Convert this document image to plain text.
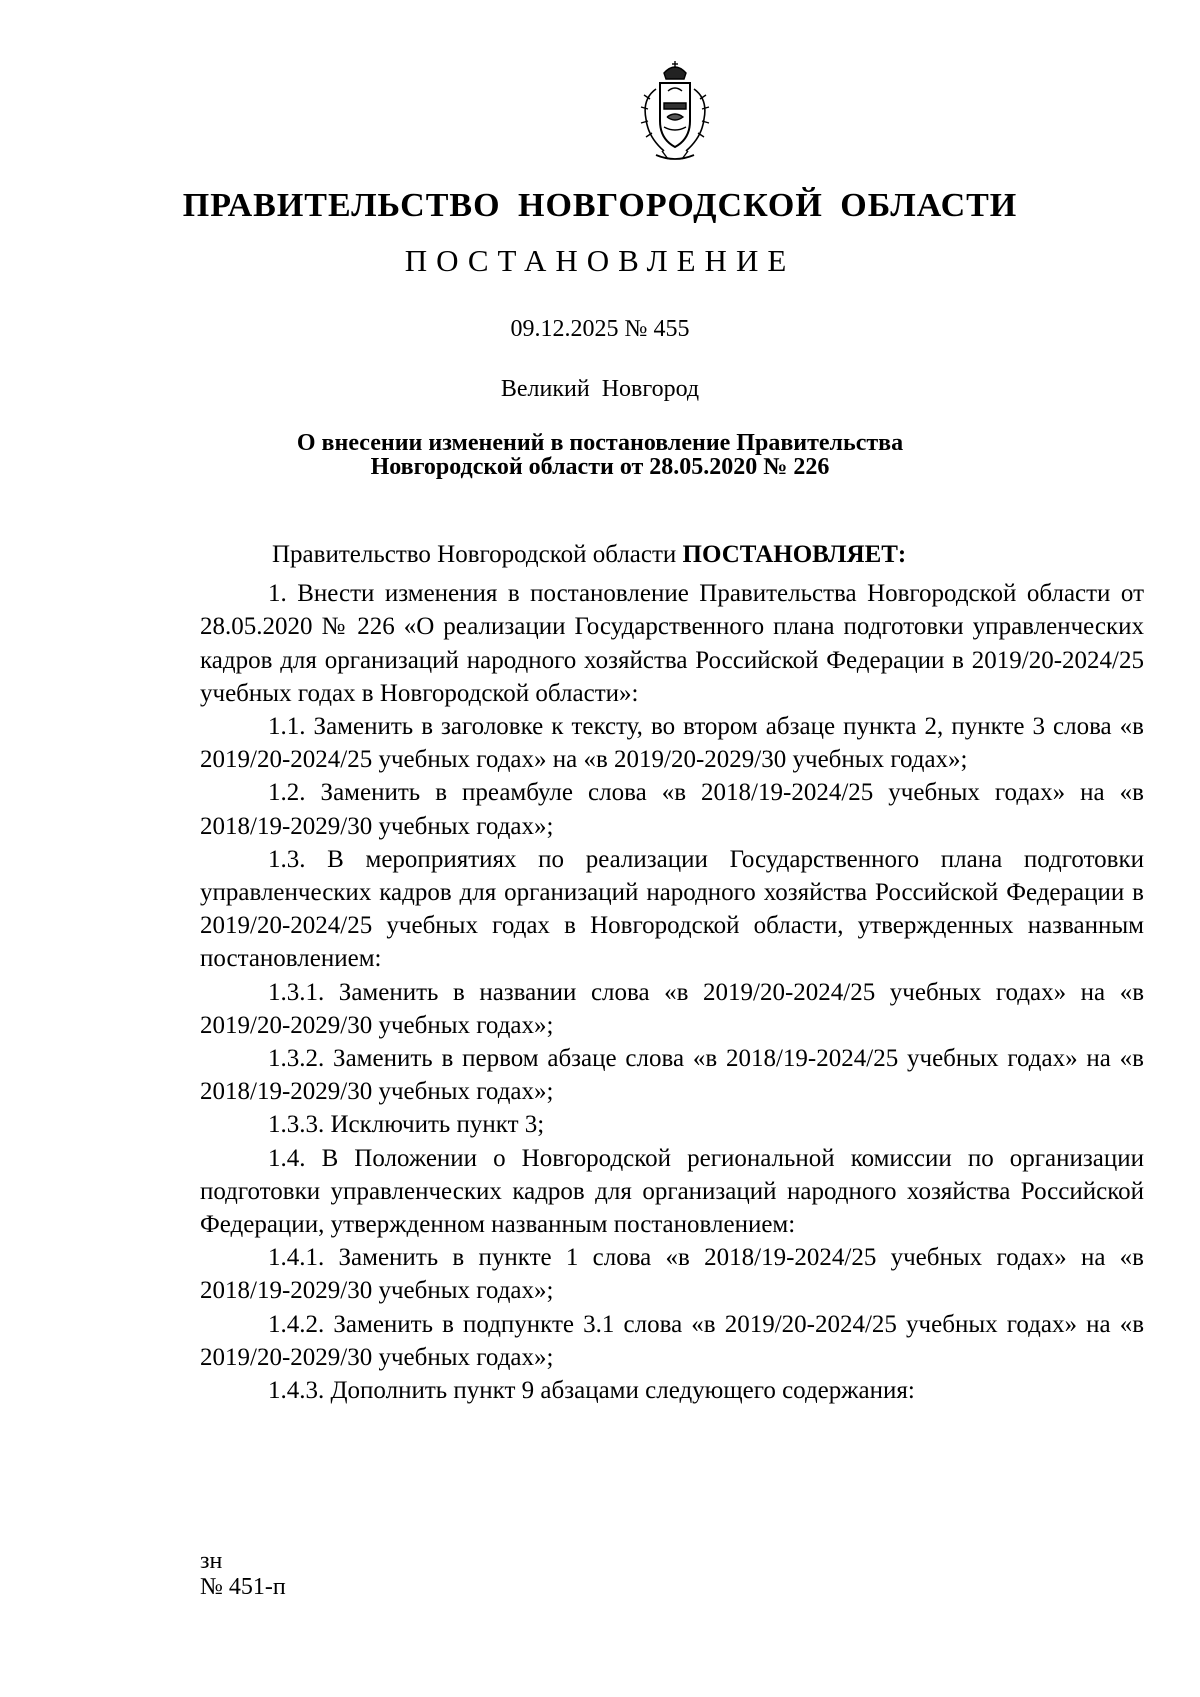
ПРАВИТЕЛЬСТВО НОВГОРОДСКОЙ ОБЛАСТИ
ПОСТАНОВЛЕНИЕ
09.12.2025 № 455
Великий Новгород
О внесении изменений в постановление Правительства
Новгородской области от 28.05.2020 № 226

Правительство Новгородской области ПОСТАНОВЛЯЕТ:

1. Внести изменения в постановление Правительства Новгородской области от 28.05.2020 № 226 «О реализации Государственного плана подготовки управленческих кадров для организаций народного хозяйства Российской Федерации в 2019/20-2024/25 учебных годах в Новгородской области»:

1.1. Заменить в заголовке к тексту, во втором абзаце пункта 2, пункте 3 слова «в 2019/20-2024/25 учебных годах» на «в 2019/20-2029/30 учебных годах»;

1.2. Заменить в преамбуле слова «в 2018/19-2024/25 учебных годах» на «в 2018/19-2029/30 учебных годах»;

1.3. В мероприятиях по реализации Государственного плана подготовки управленческих кадров для организаций народного хозяйства Российской Федерации в 2019/20-2024/25 учебных годах в Новгородской области, утвержденных названным постановлением:

1.3.1. Заменить в названии слова «в 2019/20-2024/25 учебных годах» на «в 2019/20-2029/30 учебных годах»;

1.3.2. Заменить в первом абзаце слова «в 2018/19-2024/25 учебных годах» на «в 2018/19-2029/30 учебных годах»;

1.3.3. Исключить пункт 3;

1.4. В Положении о Новгородской региональной комиссии по организации подготовки управленческих кадров для организаций народного хозяйства Российской Федерации, утвержденном названным постановлением:

1.4.1. Заменить в пункте 1 слова «в 2018/19-2024/25 учебных годах» на «в 2018/19-2029/30 учебных годах»;

1.4.2. Заменить в подпункте 3.1 слова «в 2019/20-2024/25 учебных годах» на «в 2019/20-2029/30 учебных годах»;

1.4.3. Дополнить пункт 9 абзацами следующего содержания:

зн
№ 451-п
